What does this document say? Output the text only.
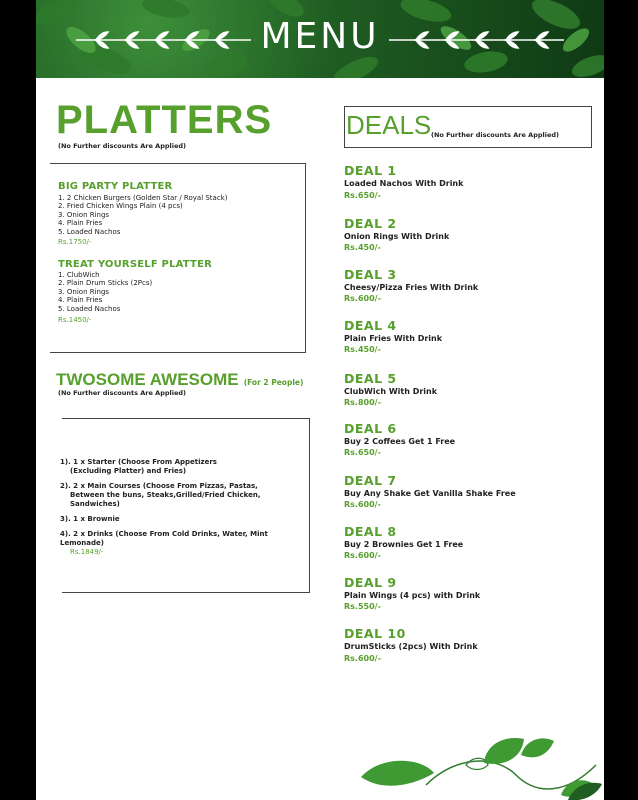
MENU
PLATTERS
(No Further discounts Are Applied)
BIG PARTY PLATTER
1. 2 Chicken Burgers (Golden Star / Royal Stack)
2. Fried Chicken Wings Plain (4 pcs)
3. Onion Rings
4. Plain Fries
5. Loaded Nachos
Rs.1750/-
TREAT YOURSELF PLATTER
1. ClubWich
2. Plain Drum Sticks (2Pcs)
3. Onion Rings
4. Plain Fries
5. Loaded Nachos
Rs.1450/-
TWOSOME AWESOME (For 2 People)
(No Further discounts Are Applied)
1). 1 x Starter (Choose From Appetizers
(Excluding Platter) and Fries)
2). 2 x Main Courses (Choose From Pizzas, Pastas,
Between the buns, Steaks,Grilled/Fried Chicken, Sandwiches)
3). 1 x Brownie
4). 2 x Drinks (Choose From Cold Drinks, Water, Mint Lemonade)
Rs.1849/-
DEALS (No Further discounts Are Applied)
DEAL 1
Loaded Nachos With Drink
Rs.650/-
DEAL 2
Onion Rings With Drink
Rs.450/-
DEAL 3
Cheesy/Pizza Fries With Drink
Rs.600/-
DEAL 4
Plain Fries With Drink
Rs.450/-
DEAL 5
ClubWich With Drink
Rs.800/-
DEAL 6
Buy 2 Coffees Get 1 Free
Rs.650/-
DEAL 7
Buy Any Shake Get Vanilla Shake Free
Rs.600/-
DEAL 8
Buy 2 Brownies Get 1 Free
Rs.600/-
DEAL 9
Plain Wings (4 pcs) with Drink
Rs.550/-
DEAL 10
DrumSticks (2pcs) With Drink
Rs.600/-
